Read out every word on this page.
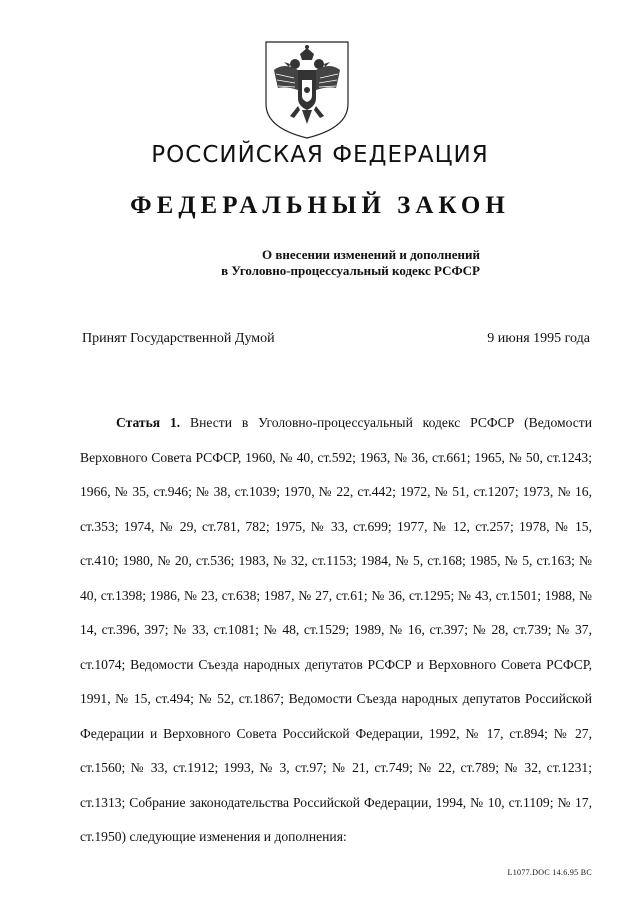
РОССИЙСКАЯ ФЕДЕРАЦИЯ
ФЕДЕРАЛЬНЫЙ ЗАКОН
О внесении изменений и дополнений
в Уголовно-процессуальный кодекс РСФСР
Принят Государственной Думой	9 июня 1995 года

Статья 1. Внести в Уголовно-процессуальный кодекс РСФСР (Ведомости Верховного Совета РСФСР, 1960, № 40, ст.592; 1963, № 36, ст.661; 1965, № 50, ст.1243; 1966, № 35, ст.946; № 38, ст.1039; 1970, № 22, ст.442; 1972, № 51, ст.1207; 1973, № 16, ст.353; 1974, № 29, ст.781, 782; 1975, № 33, ст.699; 1977, № 12, ст.257; 1978, № 15, ст.410; 1980, № 20, ст.536; 1983, № 32, ст.1153; 1984, № 5, ст.168; 1985, № 5, ст.163; № 40, ст.1398; 1986, № 23, ст.638; 1987, № 27, ст.61; № 36, ст.1295; № 43, ст.1501; 1988, № 14, ст.396, 397; № 33, ст.1081; № 48, ст.1529; 1989, № 16, ст.397; № 28, ст.739; № 37, ст.1074; Ведомости Съезда народных депутатов РСФСР и Верховного Совета РСФСР, 1991, № 15, ст.494; № 52, ст.1867; Ведомости Съезда народных депутатов Российской Федерации и Верховного Совета Российской Федерации, 1992, № 17, ст.894; № 27, ст.1560; № 33, ст.1912; 1993, № 3, ст.97; № 21, ст.749; № 22, ст.789; № 32, ст.1231; ст.1313; Собрание законодательства Российской Федерации, 1994, № 10, ст.1109; № 17, ст.1950) следующие изменения и дополнения:

L1077.DOC 14.6.95 ВС
